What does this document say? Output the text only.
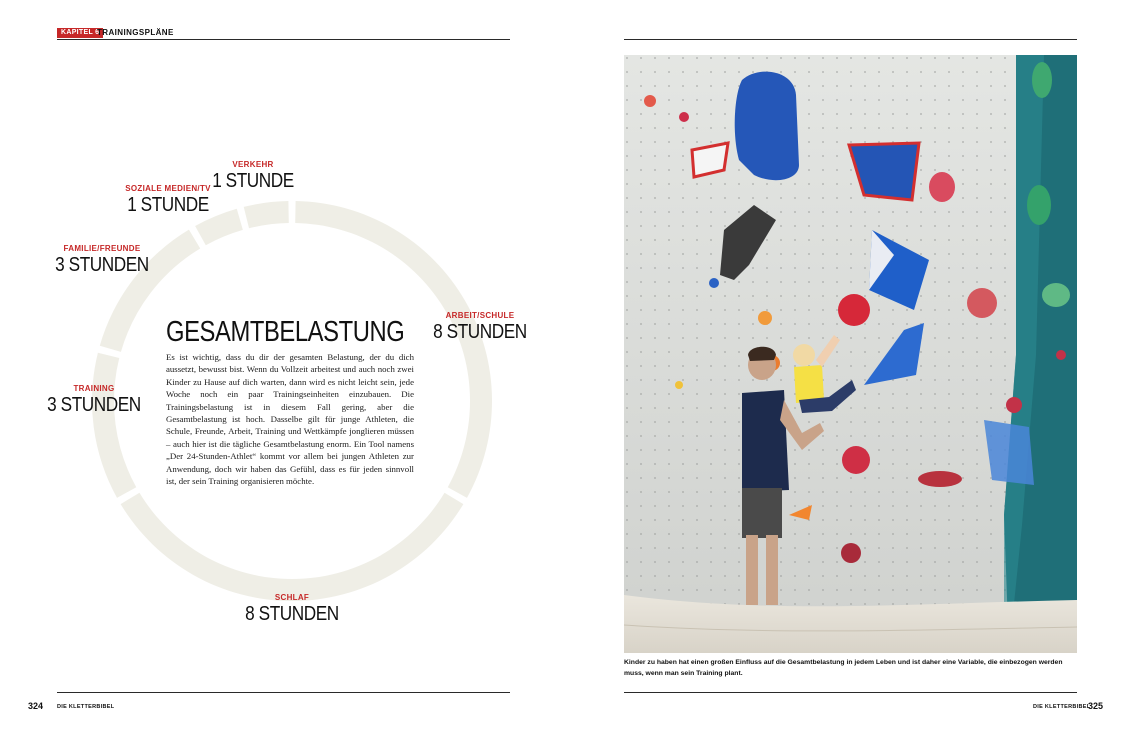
KAPITEL 6
TRAININGSPLÄNE
VERKEHR
1 STUNDE
SOZIALE MEDIEN/TV
1 STUNDE
FAMILIE/FREUNDE
3 STUNDEN
ARBEIT/SCHULE
8 STUNDEN
TRAINING
3 STUNDEN
SCHLAF
8 STUNDEN
GESAMTBELASTUNG
Es ist wichtig, dass du dir der gesamten Belastung, der du dich aussetzt, bewusst bist. Wenn du Vollzeit arbeitest und auch noch zwei Kinder zu Hause auf dich warten, dann wird es nicht leicht sein, jede Woche noch ein paar Trainingseinheiten einzubauen. Die Trainingsbelastung ist in diesem Fall gering, aber die Gesamtbelastung ist hoch. Dasselbe gilt für junge Athleten, die Schule, Freunde, Arbeit, Training und Wettkämpfe jonglieren müssen – auch hier ist die tägliche Gesamtbelastung enorm. Ein Tool namens „Der 24-Stunden-Athlet“ kommt vor allem bei jungen Athleten zur Anwendung, doch wir haben das Gefühl, dass es für jeden sinnvoll ist, der sein Training organisieren möchte.
Kinder zu haben hat einen großen Einfluss auf die Gesamtbelastung in jedem Leben und ist daher eine Variable, die einbezogen werden muss, wenn man sein Training plant.
324	DIE KLETTERBIBEL	DIE KLETTERBIBEL
325
